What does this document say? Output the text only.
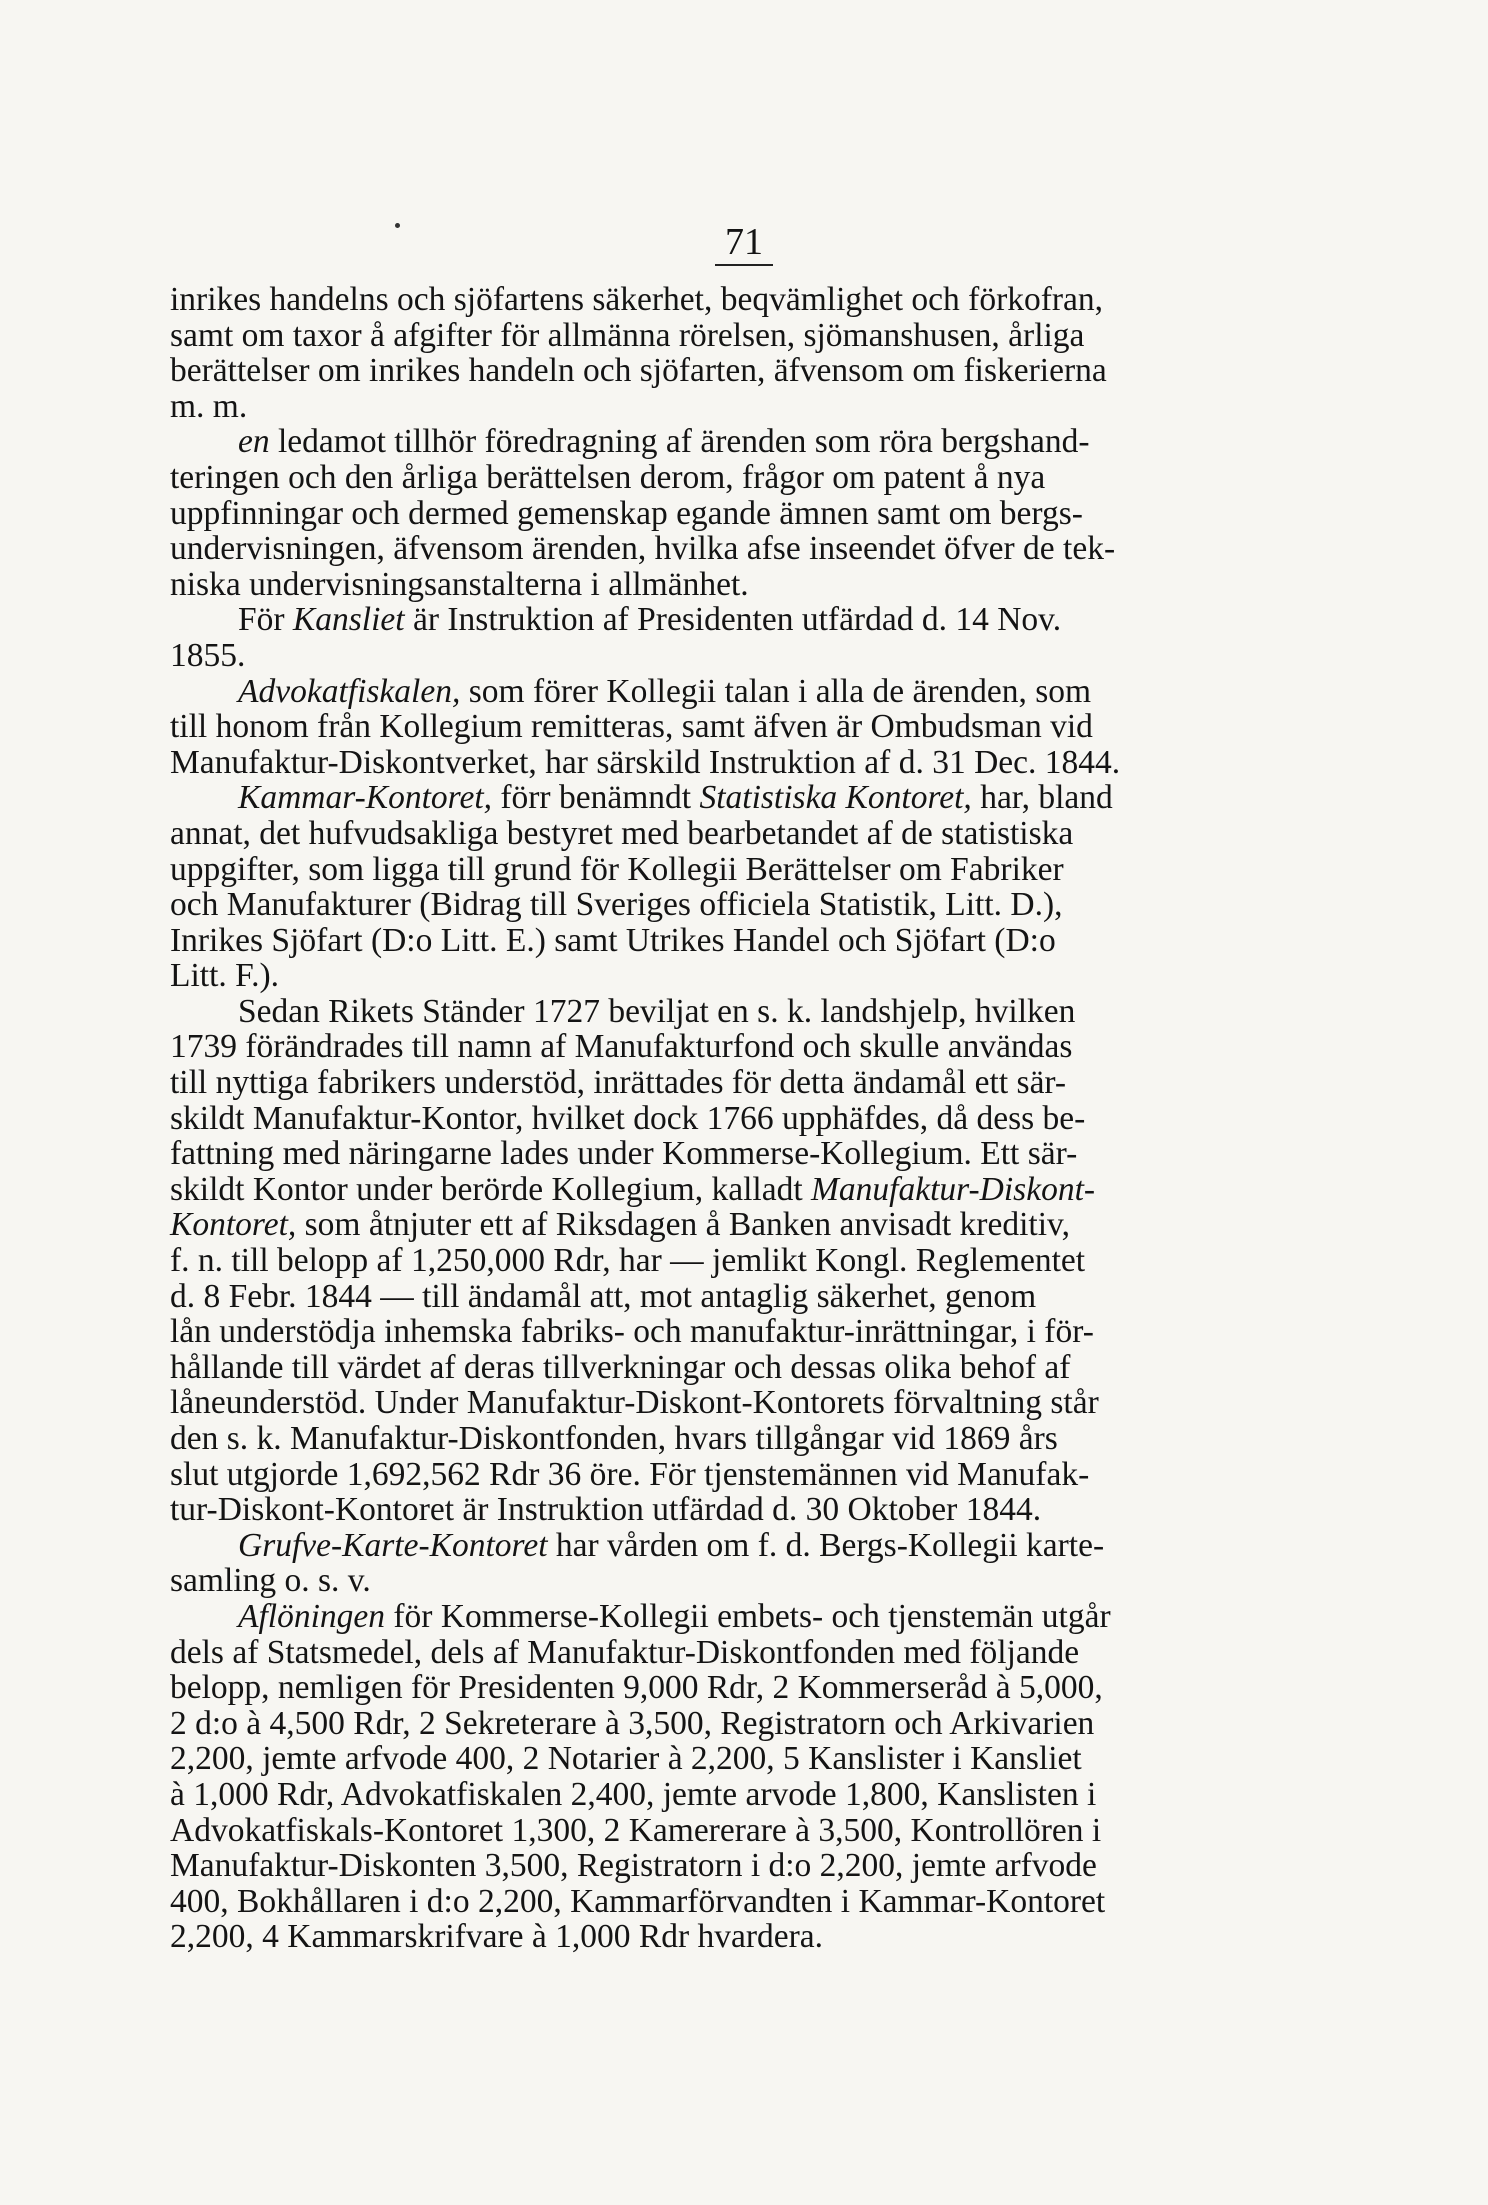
71
inrikes handelns och sjöfartens säkerhet, beqvämlighet och förkofran,
samt om taxor å afgifter för allmänna rörelsen, sjömanshusen, årliga
berättelser om inrikes handeln och sjöfarten, äfvensom om fiskerierna
m. m.
en ledamot tillhör föredragning af ärenden som röra bergshand-
teringen och den årliga berättelsen derom, frågor om patent å nya
uppfinningar och dermed gemenskap egande ämnen samt om bergs-
undervisningen, äfvensom ärenden, hvilka afse inseendet öfver de tek-
niska undervisningsanstalterna i allmänhet.
För Kansliet är Instruktion af Presidenten utfärdad d. 14 Nov.
1855.
Advokatfiskalen, som förer Kollegii talan i alla de ärenden, som
till honom från Kollegium remitteras, samt äfven är Ombudsman vid
Manufaktur-Diskontverket, har särskild Instruktion af d. 31 Dec. 1844.
Kammar-Kontoret, förr benämndt Statistiska Kontoret, har, bland
annat, det hufvudsakliga bestyret med bearbetandet af de statistiska
uppgifter, som ligga till grund för Kollegii Berättelser om Fabriker
och Manufakturer (Bidrag till Sveriges officiela Statistik, Litt. D.),
Inrikes Sjöfart (D:o Litt. E.) samt Utrikes Handel och Sjöfart (D:o
Litt. F.).
Sedan Rikets Ständer 1727 beviljat en s. k. landshjelp, hvilken
1739 förändrades till namn af Manufakturfond och skulle användas
till nyttiga fabrikers understöd, inrättades för detta ändamål ett sär-
skildt Manufaktur-Kontor, hvilket dock 1766 upphäfdes, då dess be-
fattning med näringarne lades under Kommerse-Kollegium. Ett sär-
skildt Kontor under berörde Kollegium, kalladt Manufaktur-Diskont-
Kontoret, som åtnjuter ett af Riksdagen å Banken anvisadt kreditiv,
f. n. till belopp af 1,250,000 Rdr, har — jemlikt Kongl. Reglementet
d. 8 Febr. 1844 — till ändamål att, mot antaglig säkerhet, genom
lån understödja inhemska fabriks- och manufaktur-inrättningar, i för-
hållande till värdet af deras tillverkningar och dessas olika behof af
låneunderstöd. Under Manufaktur-Diskont-Kontorets förvaltning står
den s. k. Manufaktur-Diskontfonden, hvars tillgångar vid 1869 års
slut utgjorde 1,692,562 Rdr 36 öre. För tjenstemännen vid Manufak-
tur-Diskont-Kontoret är Instruktion utfärdad d. 30 Oktober 1844.
Grufve-Karte-Kontoret har vården om f. d. Bergs-Kollegii karte-
samling o. s. v.
Aflöningen för Kommerse-Kollegii embets- och tjenstemän utgår
dels af Statsmedel, dels af Manufaktur-Diskontfonden med följande
belopp, nemligen för Presidenten 9,000 Rdr, 2 Kommerseråd à 5,000,
2 d:o à 4,500 Rdr, 2 Sekreterare à 3,500, Registratorn och Arkivarien
2,200, jemte arfvode 400, 2 Notarier à 2,200, 5 Kanslister i Kansliet
à 1,000 Rdr, Advokatfiskalen 2,400, jemte arvode 1,800, Kanslisten i
Advokatfiskals-Kontoret 1,300, 2 Kamererare à 3,500, Kontrollören i
Manufaktur-Diskonten 3,500, Registratorn i d:o 2,200, jemte arfvode
400, Bokhållaren i d:o 2,200, Kammarförvandten i Kammar-Kontoret
2,200, 4 Kammarskrifvare à 1,000 Rdr hvardera.
